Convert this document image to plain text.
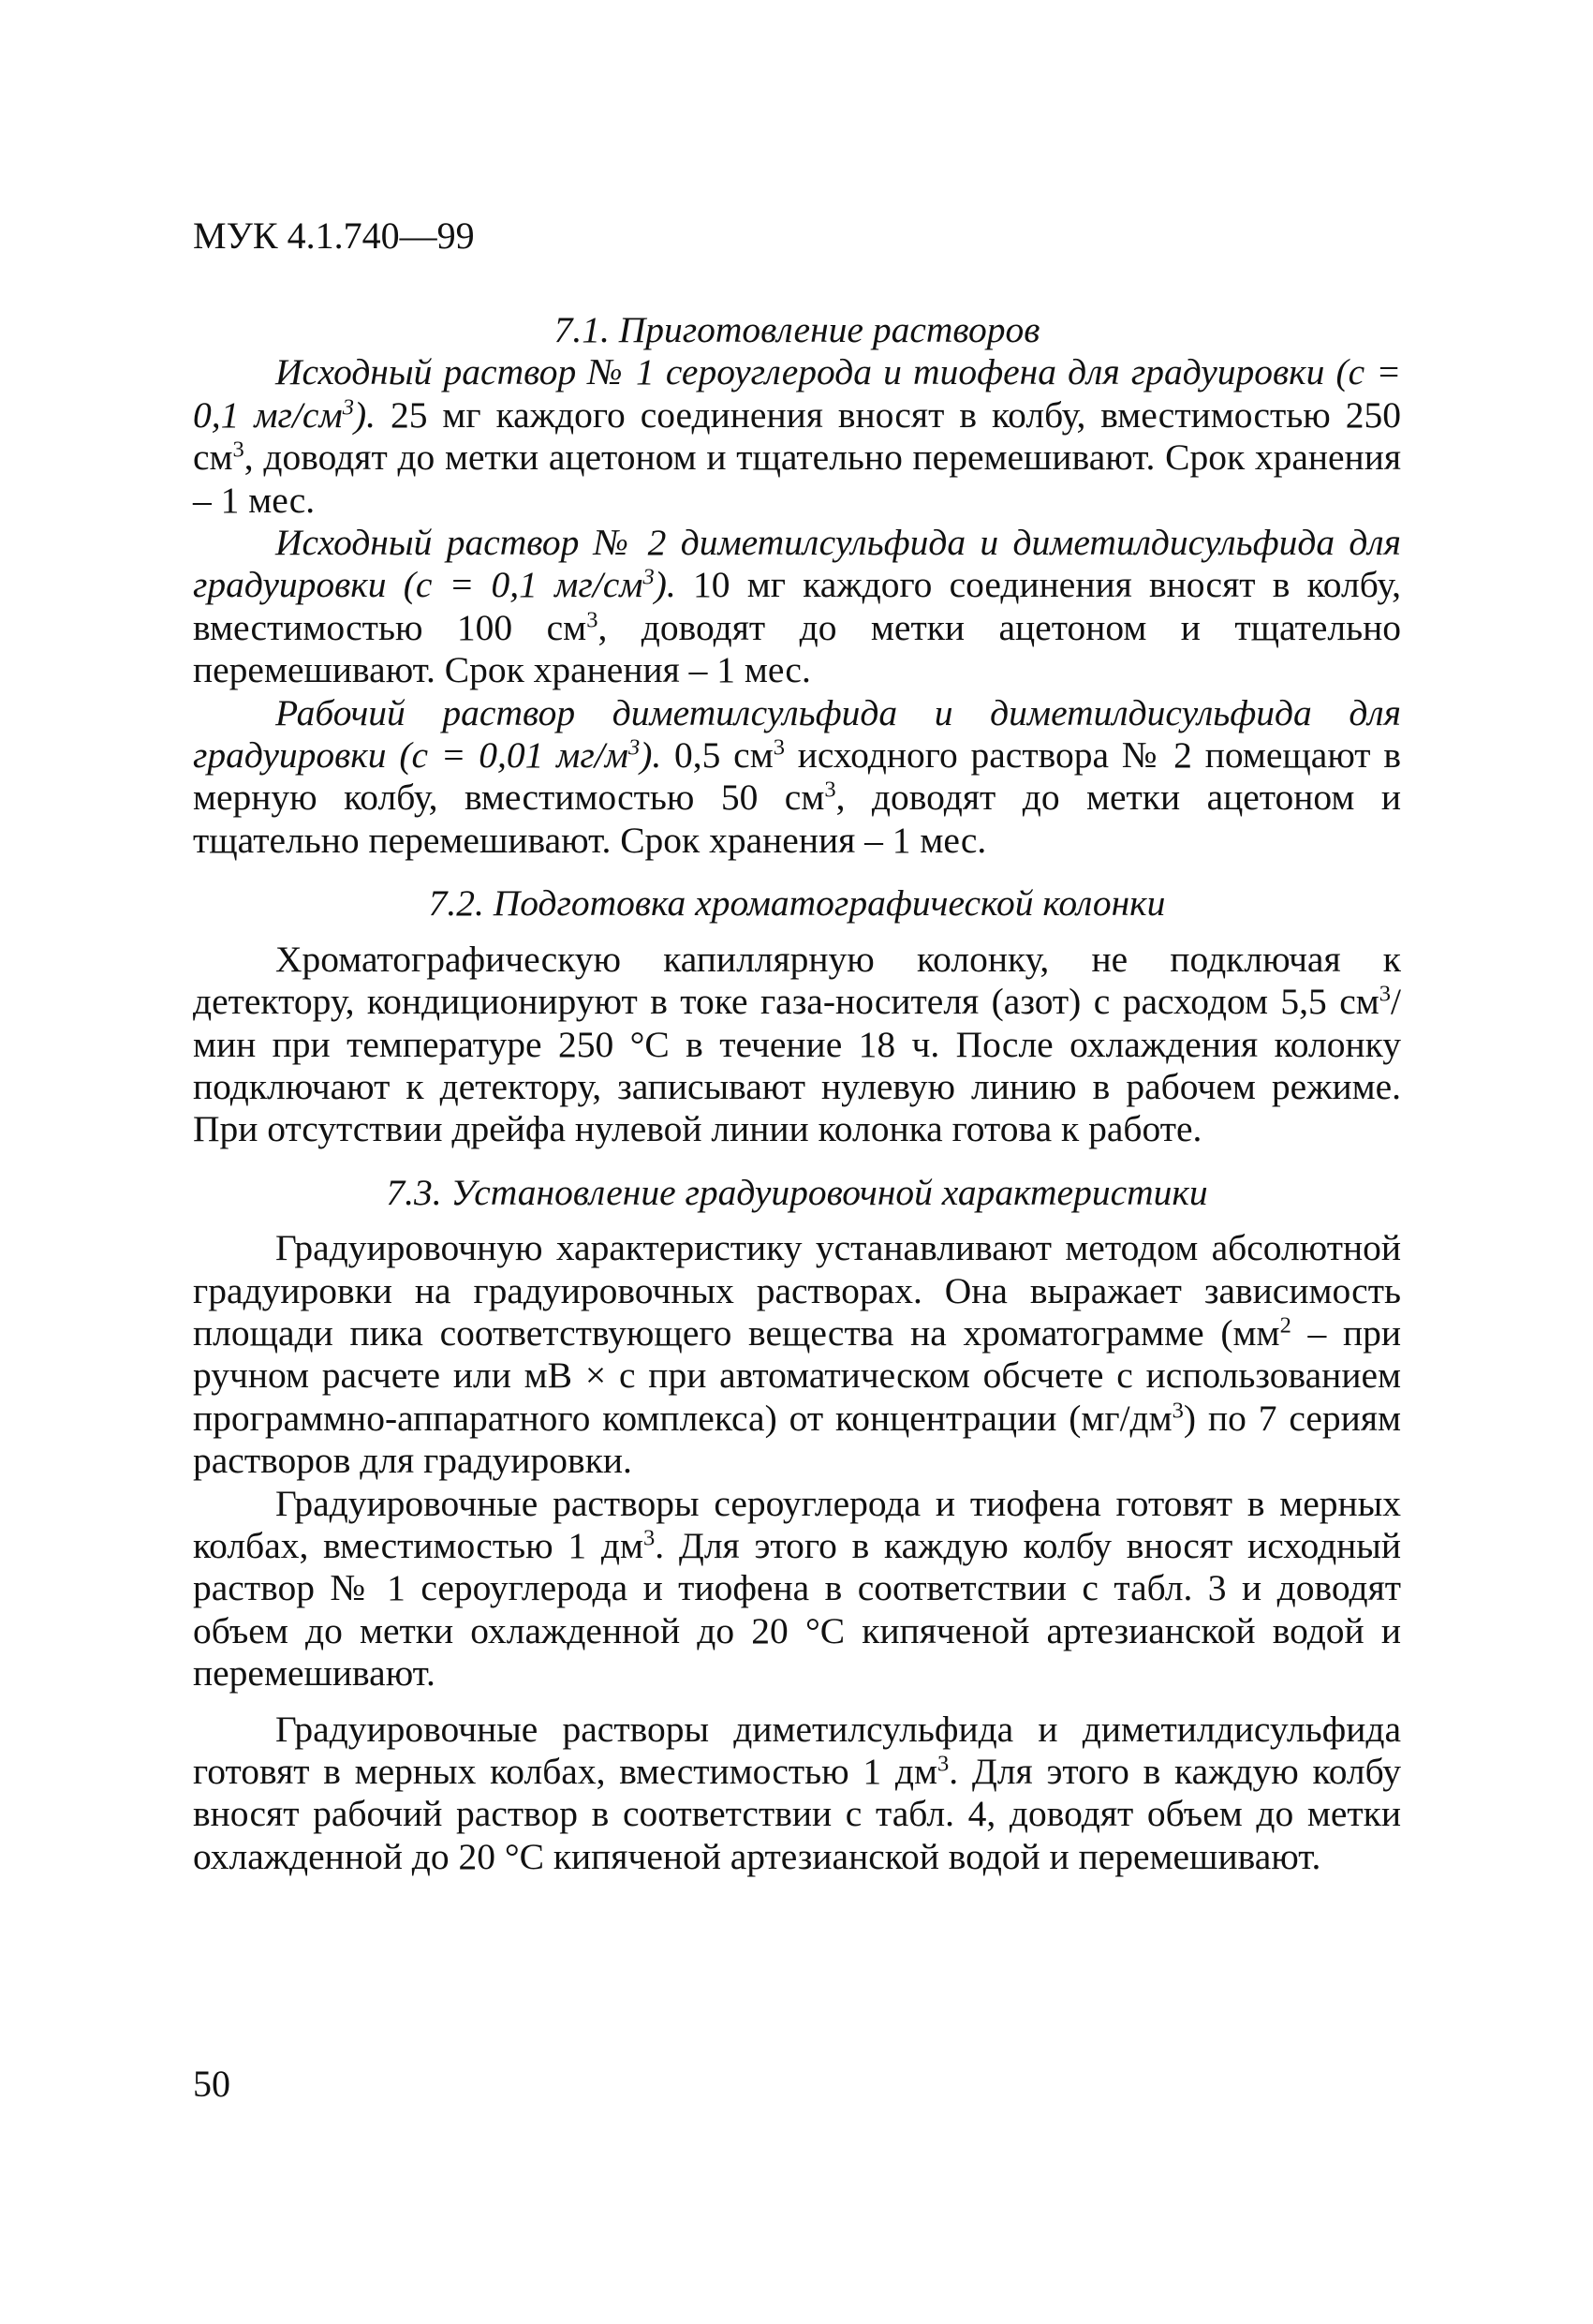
МУК 4.1.740—99
7.1. Приготовление растворов

Исходный раствор № 1 сероуглерода и тиофена для градуировки (с = 0,1 $мг/см^3$). 25 мг каждого соединения вносят в колбу, вместимостью 250 $см^3$, доводят до метки ацетоном и тщательно перемешивают. Срок хранения – 1 мес.

Исходный раствор № 2 диметилсульфида и диметилдисульфида для градуировки (с = 0,1 $мг/см^3$). 10 мг каждого соединения вносят в колбу, вместимостью 100 $см^3$, доводят до метки ацетоном и тщательно перемешивают. Срок хранения – 1 мес.

Рабочий раствор диметилсульфида и диметилдисульфида для градуировки (с = 0,01 $мг/м^3$). 0,5 $см^3$ исходного раствора № 2 помещают в мерную колбу, вместимостью 50 $см^3$, доводят до метки ацетоном и тщательно перемешивают. Срок хранения – 1 мес.

7.2. Подготовка хроматографической колонки

Хроматографическую капиллярную колонку, не подключая к детектору, кондиционируют в токе газа-носителя (азот) с расходом 5,5 $см^3$/мин при температуре 250 °С в течение 18 ч. После охлаждения колонку подключают к детектору, записывают нулевую линию в рабочем режиме. При отсутствии дрейфа нулевой линии колонка готова к работе.

7.3. Установление градуировочной характеристики

Градуировочную характеристику устанавливают методом абсолютной градуировки на градуировочных растворах. Она выражает зависимость площади пика соответствующего вещества на хроматограмме ($мм^2$ – при ручном расчете или мВ × с при автоматическом обсчете с использованием программно-аппаратного комплекса) от концентрации $(мг/дм^3)$ по 7 сериям растворов для градуировки.

Градуировочные растворы сероуглерода и тиофена готовят в мерных колбах, вместимостью 1 $дм^3$. Для этого в каждую колбу вносят исходный раствор № 1 сероуглерода и тиофена в соответствии с табл. 3 и доводят объем до метки охлажденной до 20 °С кипяченой артезианской водой и перемешивают.

Градуировочные растворы диметилсульфида и диметилдисульфида готовят в мерных колбах, вместимостью 1 $дм^3$. Для этого в каждую колбу вносят рабочий раствор в соответствии с табл. 4, доводят объем до метки охлажденной до 20 °С кипяченой артезианской водой и перемешивают.

50
